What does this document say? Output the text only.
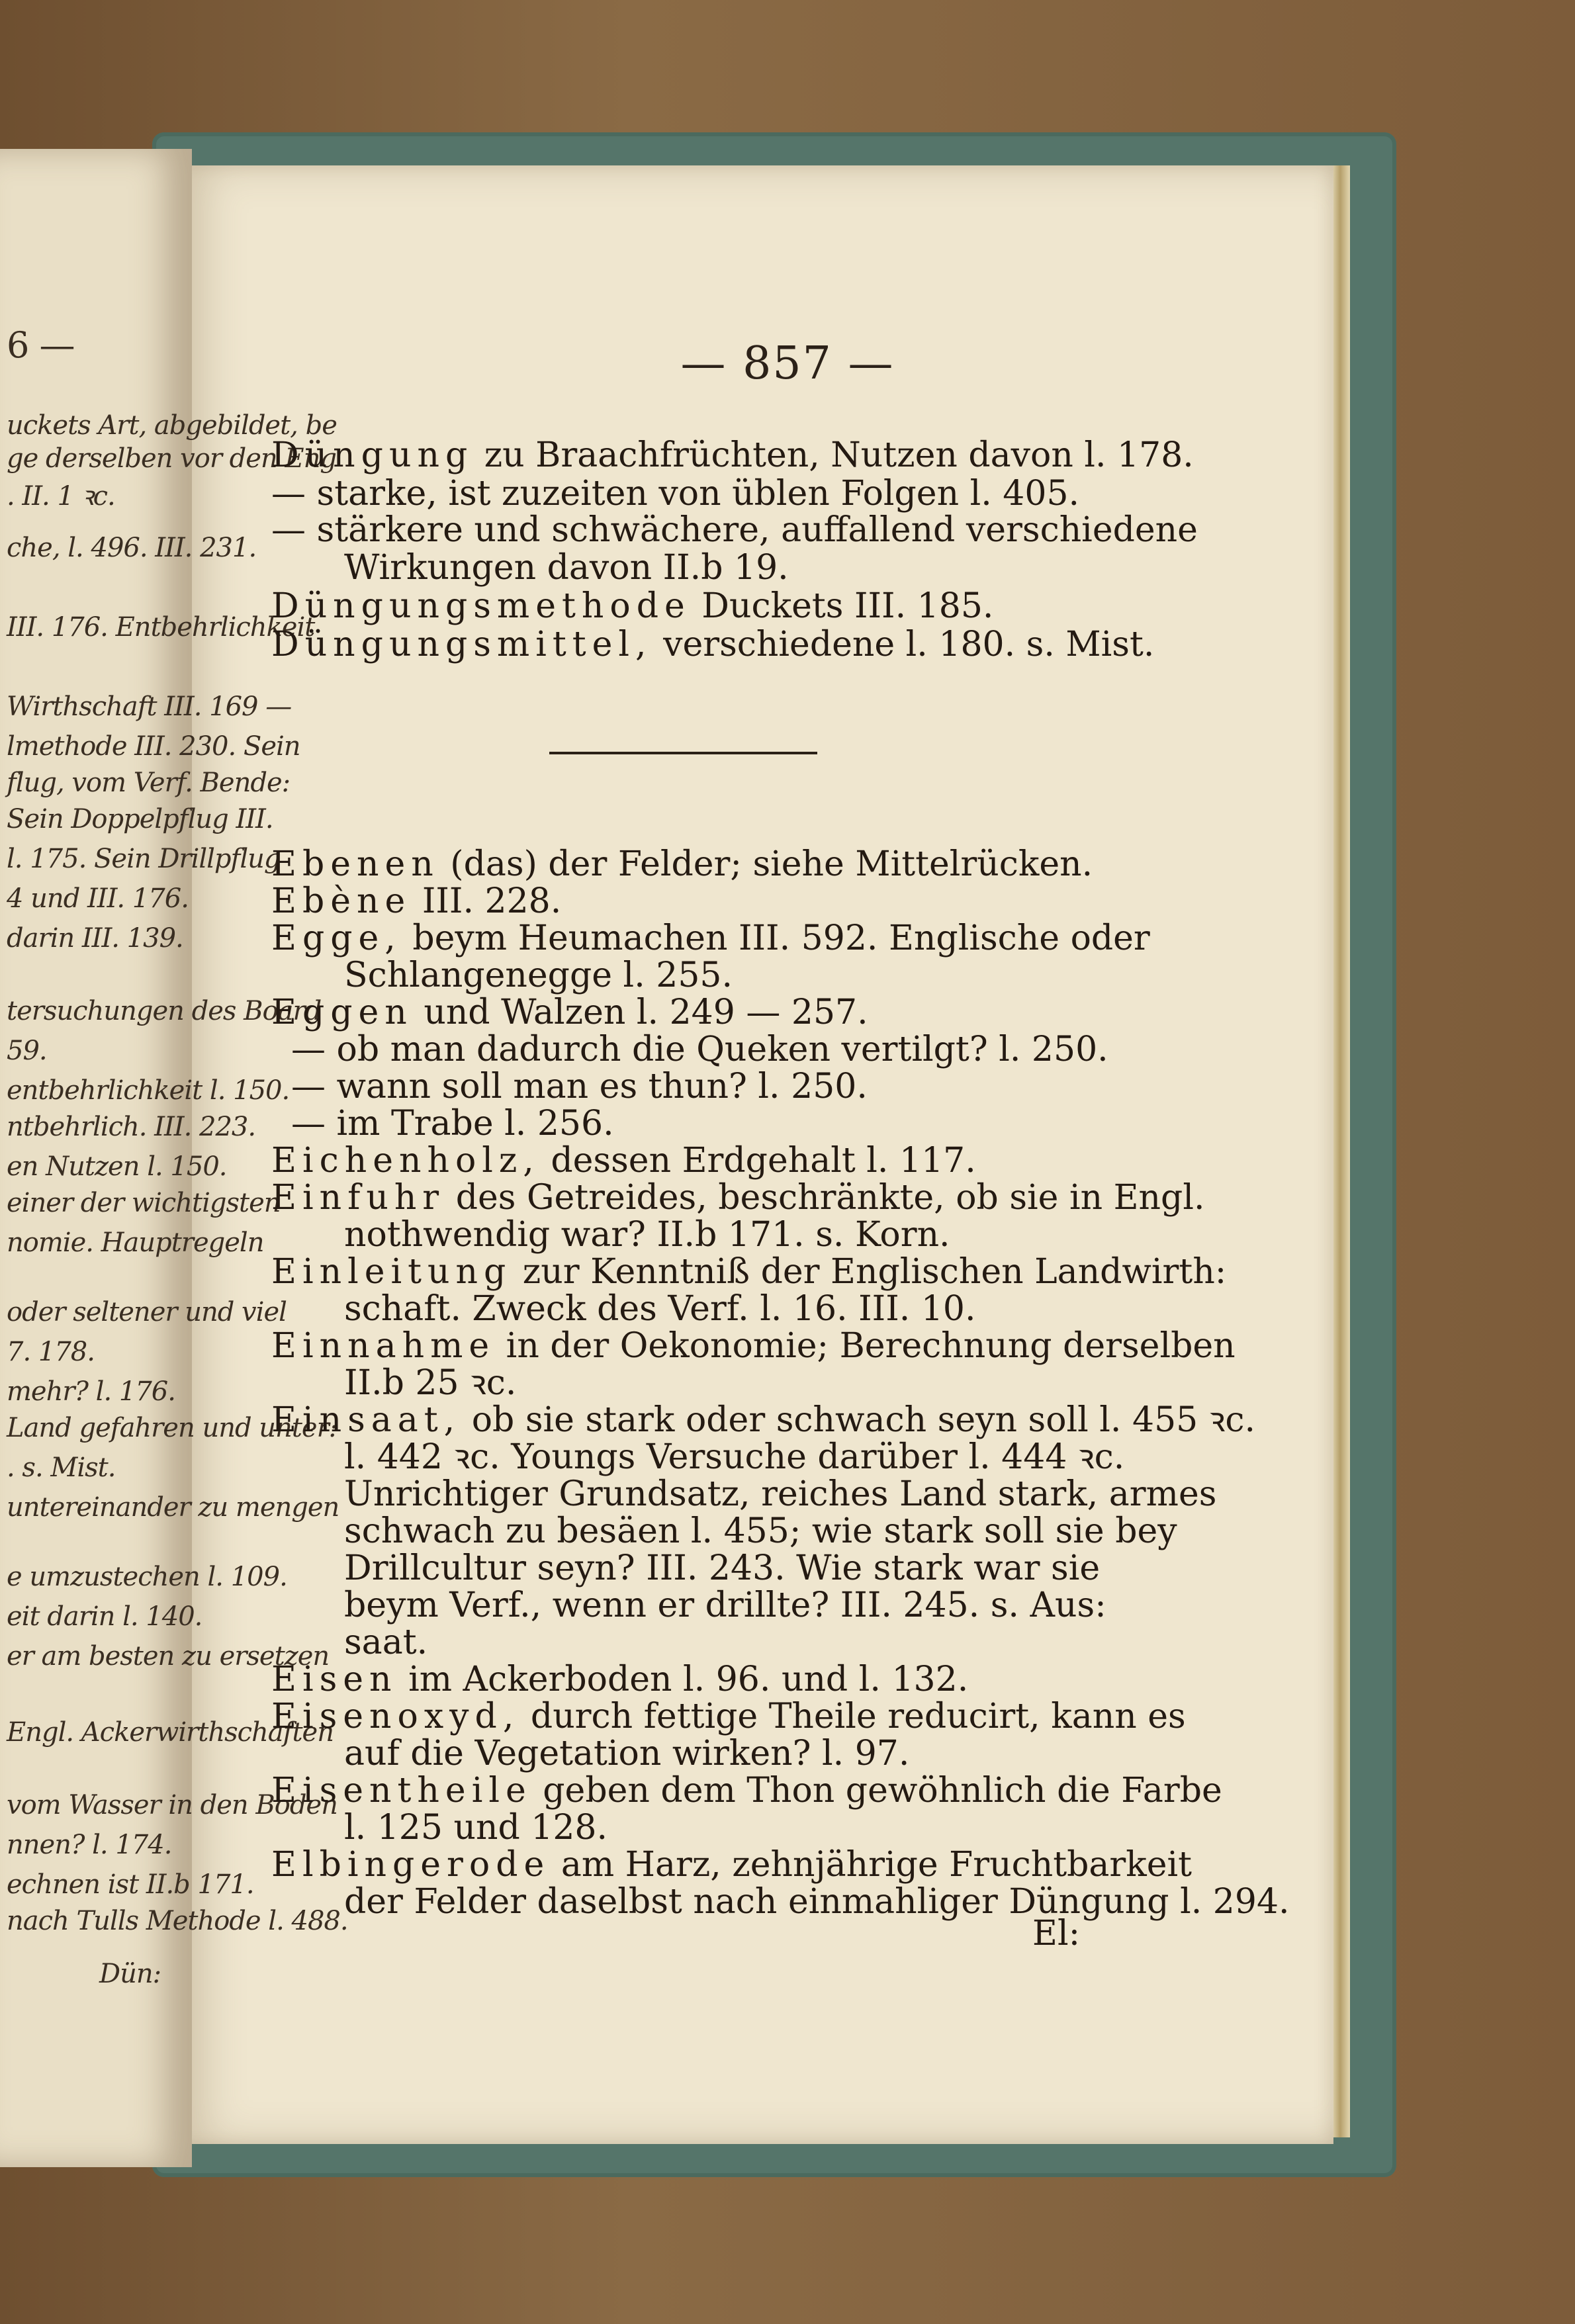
6 —
uckets Art, abgebildet, be
ge derselben vor den Eng
. II. 1 ꝛc.
che, l. 496. III. 231.
III. 176. Entbehrlichkeit
Wirthschaft III. 169 —
lmethode III. 230. Sein
flug, vom Verf. Bende:
Sein Doppelpflug III.
l. 175. Sein Drillpflug
4 und III. 176.
darin III. 139.
tersuchungen des Board
59.
entbehrlichkeit l. 150.
ntbehrlich. III. 223.
en Nutzen l. 150.
einer der wichtigsten
nomie. Hauptregeln
oder seltener und viel
7. 178.
mehr? l. 176.
Land gefahren und unter:
. s. Mist.
untereinander zu mengen
e umzustechen l. 109.
eit darin l. 140.
er am besten zu ersetzen
Engl. Ackerwirthschaften
vom Wasser in den Boden
nnen? l. 174.
echnen ist II.b 171.
nach Tulls Methode l. 488.
Dün:
— 857 —
Düngung zu Braachfrüchten, Nutzen davon l. 178.
— starke, ist zuzeiten von üblen Folgen l. 405.
— stärkere und schwächere, auffallend verschiedene
Wirkungen davon II.b 19.
Düngungsmethode Duckets III. 185.
Düngungsmittel, verschiedene l. 180. s. Mist.
Ebenen (das) der Felder; siehe Mittelrücken.
Ebène III. 228.
Egge, beym Heumachen III. 592. Englische oder
Schlangenegge l. 255.
Eggen und Walzen l. 249 — 257.
— ob man dadurch die Queken vertilgt? l. 250.
— wann soll man es thun? l. 250.
— im Trabe l. 256.
Eichenholz, dessen Erdgehalt l. 117.
Einfuhr des Getreides, beschränkte, ob sie in Engl.
nothwendig war? II.b 171. s. Korn.
Einleitung zur Kenntniß der Englischen Landwirth:
schaft. Zweck des Verf. l. 16. III. 10.
Einnahme in der Oekonomie; Berechnung derselben
II.b 25 ꝛc.
Einsaat, ob sie stark oder schwach seyn soll l. 455 ꝛc.
l. 442 ꝛc. Youngs Versuche darüber l. 444 ꝛc.
Unrichtiger Grundsatz, reiches Land stark, armes
schwach zu besäen l. 455; wie stark soll sie bey
Drillcultur seyn? III. 243. Wie stark war sie
beym Verf., wenn er drillte? III. 245. s. Aus:
saat.
Eisen im Ackerboden l. 96. und l. 132.
Eisenoxyd, durch fettige Theile reducirt, kann es
auf die Vegetation wirken? l. 97.
Eisentheile geben dem Thon gewöhnlich die Farbe
l. 125 und 128.
Elbingerode am Harz, zehnjährige Fruchtbarkeit
der Felder daselbst nach einmahliger Düngung l. 294.
El:
